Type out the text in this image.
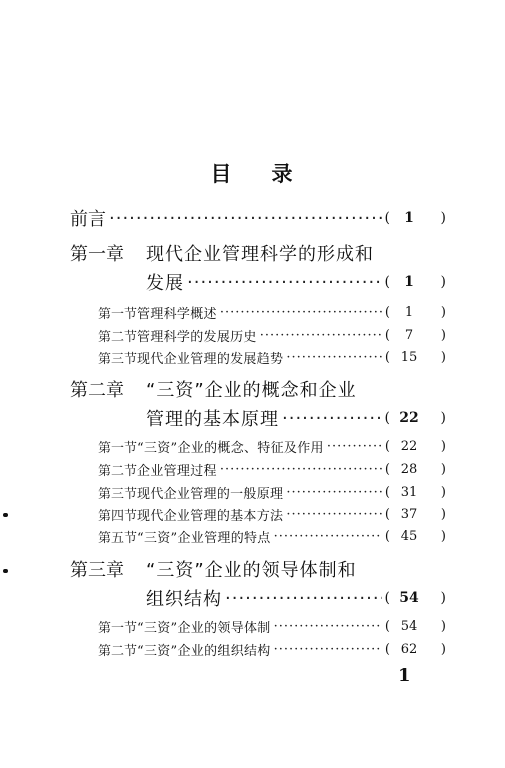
目 录
前言 ·····	(	1	)
第一章	现代企业管理科学的形成和
发展 ·····	(	1	)
第一节 管理科学概述 ·····	(	1	)
第二节 管理科学的发展历史 ·····	(	7	)
第三节 现代企业管理的发展趋势 ·····	( 15	)
第二章	“三资”企业的概念和企业
管理的基本原理 ·····	( 22	)
第一节 “三资”企业的概念、特征及作用 ·····	( 22	)
第二节 企业管理过程 ·····	( 28	)
第三节 现代企业管理的一般原理 ·····	( 31	)
第四节 现代企业管理的基本方法 ·····	( 37	)
第五节 “三资”企业管理的特点 ·····	( 45	)
第三章	“三资”企业的领导体制和
组织结构 ·····	( 54	)
第一节 “三资”企业的领导体制 ·····	( 54	)
第二节 “三资”企业的组织结构 ·····	( 62	)
1
